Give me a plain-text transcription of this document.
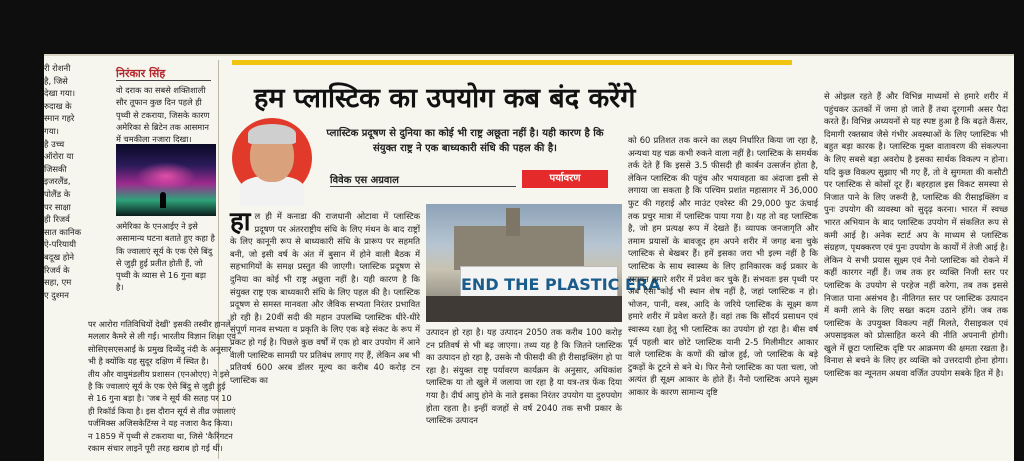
री रोशनी
है, जिसे
देखा गया।
रुदाख के
स्मान गहरे
गया।
है उच्च
ऑरोरा या
जिसकी
इजरलैंड,
पोलैंड के
पर साक्षा
ही रिजर्व
सात कानिक
ऐ-परियायी
बदूख होने
रिजर्व के
सहा, एम
ए दुश्मन
निरंकार सिंह
वो दराक का सबसे शक्तिशाली सौर तूफान कुछ दिन पहले ही पृथ्वी से टकराया, जिसके कारण अमेरिका से ब्रिटेन तक आसमान में चमकीला नजारा दिखा।
अमेरिका के एनआईए ने इसे असामान्य घटना बताते हुए कहा है कि ज्वालाएं सूर्य के एक ऐसे बिंदु से जुड़ी हुई प्रतीत होती हैं, जो पृथ्वी के व्यास से 16 गुना बड़ा है।
पर आरोरा गतिविधियों देखीं' इसकी तस्वीर हानले
मललार कैमरे से ली गईं। भारतीय विज्ञान शिक्षा एवं
सोसिएसएसआई के प्रमुख दिव्येंदु नंदी के अनुसार,
भी है क्योंकि यह सुदूर दक्षिण में स्थित है।
तीय और वायुमंडलीय प्रशासन (एनओएए) ने इसे
है कि ज्वालाएं सूर्य के एक ऐसे बिंदु से जुड़ी हुई
से 16 गुना बड़ा है। 'जब ने सूर्य की सतह पर 10
ही रिकॉर्ड किया है। इस दौरान सूर्य से तीव्र ज्वालाएं
पर्जमिक्स अजिसकेटिंग्स ने यह नजारा कैद किया।
न 1859 में पृथ्वी से टकराया था, जिसे 'कैरिंगटन
रकाम संचार लाइनें पूरी तरह खराब हो गई थीं।
हम प्लास्टिक का उपयोग कब बंद करेंगे
प्लास्टिक प्रदूषण से दुनिया का कोई भी राष्ट्र अछूता नहीं है। यही कारण है कि संयुक्त राष्ट्र ने एक बाध्यकारी संधि की पहल की है।
विवेक एस अग्रवाल	पर्यावरण
हा ल ही में कनाडा की राजधानी ओटावा में प्लास्टिक प्रदूषण पर अंतरराष्ट्रीय संधि के लिए मंथन के बाद राष्ट्रों के लिए कानूनी रूप से बाध्यकारी संधि के प्रारूप पर सहमति बनी, जो इसी वर्ष के अंत में बुसान में होने वाली बैठक में सहभागियों के समक्ष प्रस्तुत की जाएगी। प्लास्टिक प्रदूषण से दुनिया का कोई भी राष्ट्र अछूता नहीं है। यही कारण है कि संयुक्त राष्ट्र एक बाध्यकारी संधि के लिए पहल की है। प्लास्टिक प्रदूषण से समस्त मानवता और जैविक सभ्यता निरंतर प्रभावित हो रही है। 20वीं सदी की महान उपलब्धि प्लास्टिक धीरे-धीरे संपूर्ण मानव सभ्यता व प्रकृति के लिए एक बड़े संकट के रूप में प्रकट हो गई है। पिछले कुछ वर्षों में एक हो बार उपयोग में आने वाली प्लास्टिक सामग्री पर प्रतिबंध लगाए गए हैं, लेकिन अब भी प्रतिवर्ष 600 अरब डॉलर मूल्य का करीब 40 करोड़ टन प्लास्टिक का

END THE PLASTIC ERA

उत्पादन हो रहा है। यह उत्पादन 2050 तक करीब 100 करोड़ टन प्रतिवर्ष से भी बढ़ जाएगा। तथ्य यह है कि जितने प्लास्टिक का उत्पादन हो रहा है, उसके नौ फीसदी की ही रीसाइक्लिंग हो पा रहा है। संयुक्त राष्ट्र पर्यावरण कार्यक्रम के अनुसार, अधिकांश प्लास्टिक या तो खुले में जलाया जा रहा है या यत्र-तत्र फेंक दिया गया है। दीर्घ आयु होने के नाते इसका निरंतर उपयोग या दुरुपयोग होता रहता है। इन्हीं वजहों से वर्ष 2040 तक सभी प्रकार के प्लास्टिक उत्पादन

को 60 प्रतिशत तक करने का लक्ष्य निर्धारित किया जा रहा है, अन्यथा यह चक्र कभी रुकने वाला नहीं है। प्लास्टिक के समर्थक तर्क देते हैं कि इससे 3.5 फीसदी ही कार्बन उत्सर्जन होता है, लेकिन प्लास्टिक की पहुंच और भयावहता का अंदाजा इसी से लगाया जा सकता है कि पश्चिम प्रशांत महासागर में 36,000 फुट की गहराई और माउंट एवरेस्ट की 29,000 फुट ऊंचाई तक प्रचुर मात्रा में प्लास्टिक पाया गया है। यह तो वह प्लास्टिक है, जो हम प्रत्यक्ष रूप में देखते हैं। व्यापक जनजागृति और तमाम प्रयासों के बावजूद हम अपने शरीर में जगह बना चुके प्लास्टिक से बेखबर हैं। हमें इसका जरा भी इल्म नहीं है कि प्लास्टिक के साथ स्वास्थ्य के लिए हानिकारक कई प्रकार के रसायन हमारे शरीर में प्रवेश कर चुके हैं। संभवतः इस पृथ्वी पर अब ऐसा कोई भी स्थान शेष नहीं है, जहां प्लास्टिक न हो। भोजन, पानी, वस्त्र, आदि के जरिये प्लास्टिक के सूक्ष्म कण हमारे शरीर में प्रवेश करते हैं। वहां तक कि सौंदर्य प्रसाधन एवं स्वास्थ्य रक्षा हेतु भी प्लास्टिक का उपयोग हो रहा है। बीस वर्ष पूर्व पहली बार छोटे प्लास्टिक यानी 2-5 मिलीमीटर आकार वाले प्लास्टिक के कणों की खोज हुई, जो प्लास्टिक के बड़े टुकड़ों के टूटने से बने थे। फिर नैनो प्लास्टिक का पता चला, जो अत्यंत ही सूक्ष्म आकार के होते हैं। नैनो प्लास्टिक अपने सूक्ष्म आकार के कारण सामान्य दृष्टि

से ओझल रहते हैं और विभिन्न माध्यमों से हमारे शरीर में पहुंचकर ऊतकों में जमा हो जाते हैं तथा दूरगामी असर पैदा करते हैं। विभिन्न अध्ययनों से यह स्पष्ट हुआ है कि बढ़ते कैंसर, दिमागी रक्तस्राव जैसे गंभीर अवस्थाओं के लिए प्लास्टिक भी बहुत बड़ा कारक है। प्लास्टिक मुक्त वातावरण की संकल्पना के लिए सबसे बड़ा अवरोध है इसका सार्थक विकल्प न होना। यदि कुछ विकल्प सुझाए भी गए हैं, तो वे सुगमता की कसौटी पर प्लास्टिक से कोसों दूर हैं। बहरहाल इस विकट समस्या से निजात पाने के लिए जरूरी है, प्लास्टिक की रीसाइक्लिंग व पुनः उपयोग की व्यवस्था को सुदृढ़ करना। भारत में स्वच्छ भारत अभियान के बाद प्लास्टिक उपयोग में संकलित रूप से कमी आई है। अनेक स्टार्ट अप के माध्यम से प्लास्टिक संग्रहण, पृथक्करण एवं पुनः उपयोग के कार्यों में तेजी आई है। लेकिन ये सभी प्रयास सूक्ष्म एवं नैनो प्लास्टिक को रोकने में कहीं कारगर नहीं हैं। जब तक हर व्यक्ति निजी स्तर पर प्लास्टिक के उपयोग से परहेज नहीं करेगा, तब तक इससे निजात पाना असंभव है। नीतिगत स्तर पर प्लास्टिक उत्पादन में कमी लाने के लिए सख्त कदम उठाने होंगे। जब तक प्लास्टिक के उपयुक्त विकल्प नहीं मिलते, रीसाइकल एवं अपसाइकल को प्रोत्साहित करने की नीति अपनानी होगी। खुले में छूटा प्लास्टिक दृष्टि पर आक्रमण की क्षमता रखता है। विनाश से बचने के लिए हर व्यक्ति को उत्तरदायी होना होगा। प्लास्टिक का न्यूनतम अथवा वर्जित उपयोग सबके हित में है।
